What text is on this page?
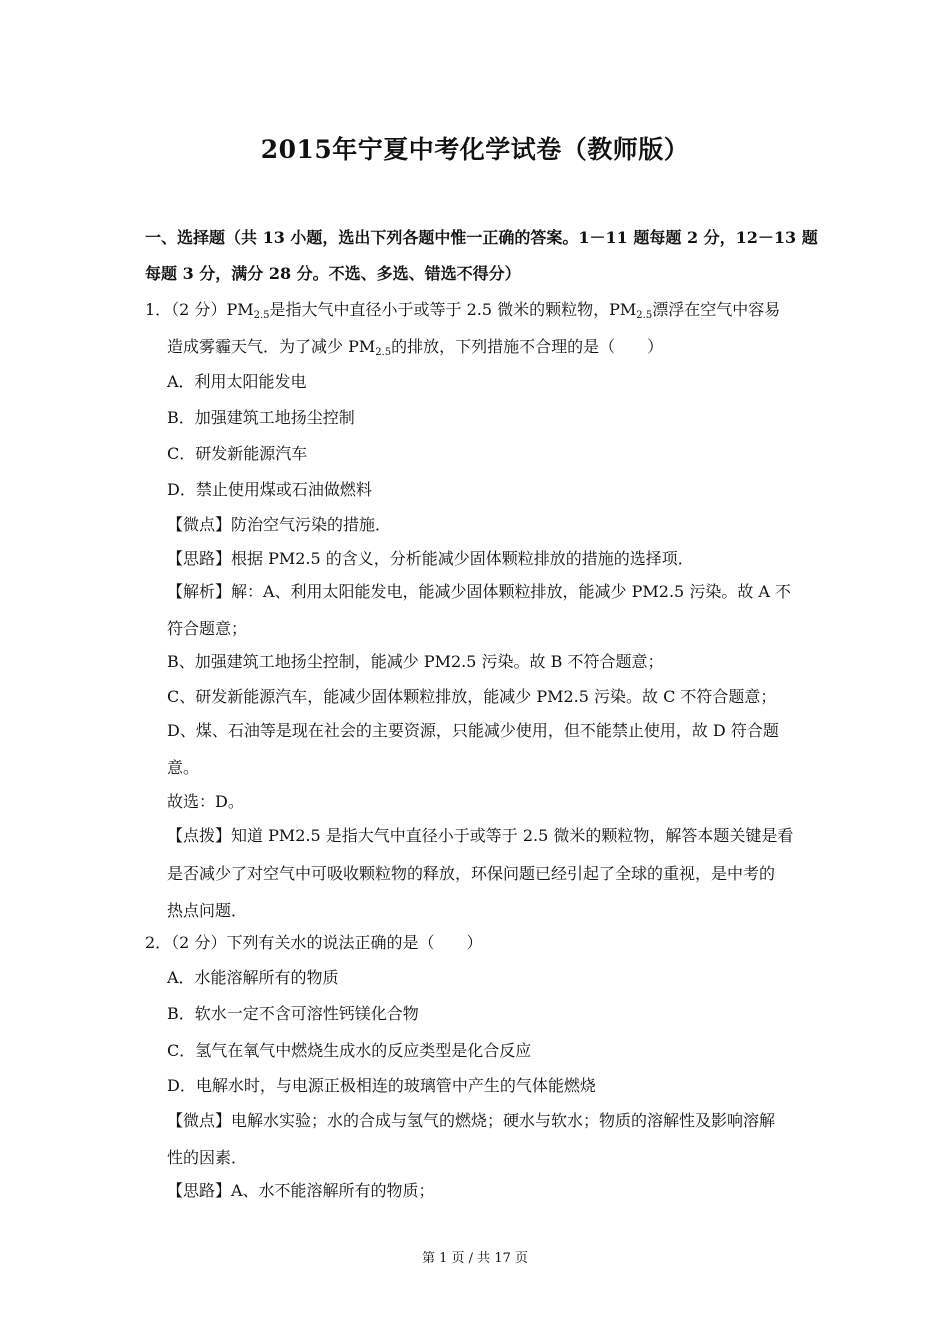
2015年宁夏中考化学试卷（教师版）
一、选择题（共 13 小题，选出下列各题中惟一正确的答案。1－11 题每题 2 分，12－13 题
每题 3 分，满分 28 分。不选、多选、错选不得分）
1．（2 分）$PM_{2.5}$是指大气中直径小于或等于 2.5 微米的颗粒物，$PM_{2.5}$漂浮在空气中容易
造成雾霾天气．为了减少 $PM_{2.5}$的排放，下列措施不合理的是（　　）
A．利用太阳能发电
B．加强建筑工地扬尘控制
C．研发新能源汽车
D．禁止使用煤或石油做燃料
【微点】防治空气污染的措施．
【思路】根据 PM2.5 的含义，分析能减少固体颗粒排放的措施的选择项．
【解析】解：A、利用太阳能发电，能减少固体颗粒排放，能减少 PM2.5 污染。故 A 不
符合题意；
B、加强建筑工地扬尘控制，能减少 PM2.5 污染。故 B 不符合题意；
C、研发新能源汽车，能减少固体颗粒排放，能减少 PM2.5 污染。故 C 不符合题意；
D、煤、石油等是现在社会的主要资源，只能减少使用，但不能禁止使用，故 D 符合题
意。
故选：D。
【点拨】知道 PM2.5 是指大气中直径小于或等于 2.5 微米的颗粒物，解答本题关键是看
是否减少了对空气中可吸收颗粒物的释放，环保问题已经引起了全球的重视，是中考的
热点问题．
2．（2 分）下列有关水的说法正确的是（　　）
A．水能溶解所有的物质
B．软水一定不含可溶性钙镁化合物
C．氢气在氧气中燃烧生成水的反应类型是化合反应
D．电解水时，与电源正极相连的玻璃管中产生的气体能燃烧
【微点】电解水实验；水的合成与氢气的燃烧；硬水与软水；物质的溶解性及影响溶解
性的因素．
【思路】A、水不能溶解所有的物质；
第 1 页 / 共 17 页
